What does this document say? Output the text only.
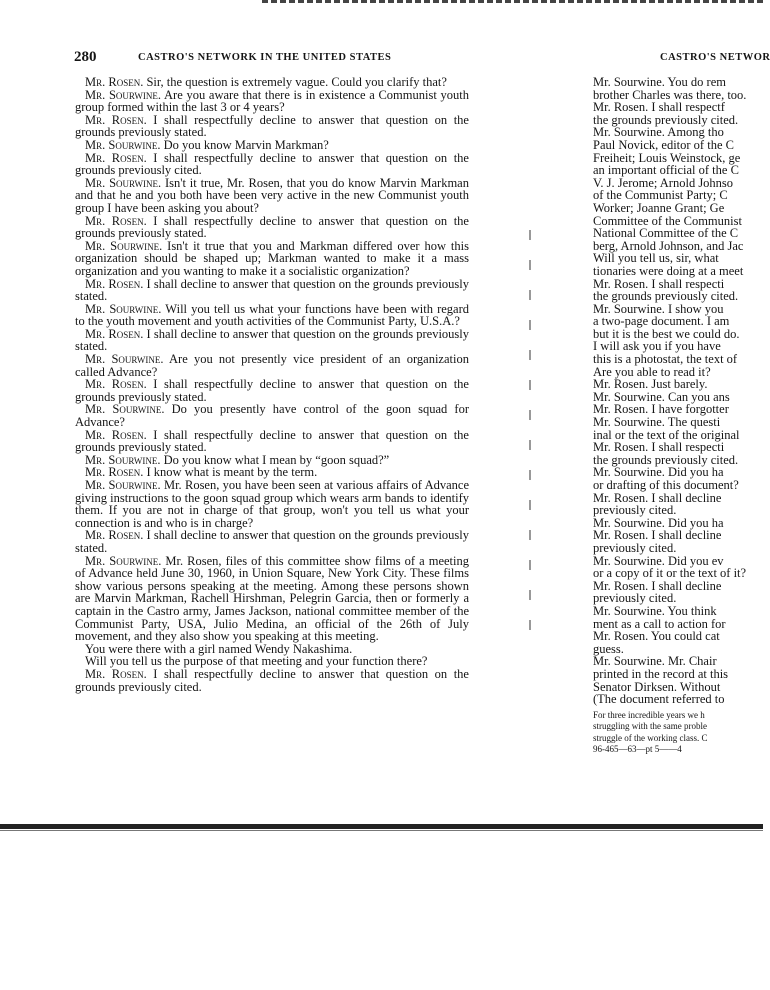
280	CASTRO'S NETWORK IN THE UNITED STATES	CASTRO'S NETWOR

Mr. Rosen. Sir, the question is extremely vague. Could you clarify that?

Mr. Sourwine. Are you aware that there is in existence a Communist youth group formed within the last 3 or 4 years?

Mr. Rosen. I shall respectfully decline to answer that question on the grounds previously stated.

Mr. Sourwine. Do you know Marvin Markman?

Mr. Rosen. I shall respectfully decline to answer that question on the grounds previously cited.

Mr. Sourwine. Isn't it true, Mr. Rosen, that you do know Marvin Markman and that he and you both have been very active in the new Communist youth group I have been asking you about?

Mr. Rosen. I shall respectfully decline to answer that question on the grounds previously stated.

Mr. Sourwine. Isn't it true that you and Markman differed over how this organization should be shaped up; Markman wanted to make it a mass organization and you wanting to make it a socialistic organization?

Mr. Rosen. I shall decline to answer that question on the grounds previously stated.

Mr. Sourwine. Will you tell us what your functions have been with regard to the youth movement and youth activities of the Communist Party, U.S.A.?

Mr. Rosen. I shall decline to answer that question on the grounds previously stated.

Mr. Sourwine. Are you not presently vice president of an organization called Advance?

Mr. Rosen. I shall respectfully decline to answer that question on the grounds previously stated.

Mr. Sourwine. Do you presently have control of the goon squad for Advance?

Mr. Rosen. I shall respectfully decline to answer that question on the grounds previously stated.

Mr. Sourwine. Do you know what I mean by “goon squad?”

Mr. Rosen. I know what is meant by the term.

Mr. Sourwine. Mr. Rosen, you have been seen at various affairs of Advance giving instructions to the goon squad group which wears arm bands to identify them. If you are not in charge of that group, won't you tell us what your connection is and who is in charge?

Mr. Rosen. I shall decline to answer that question on the grounds previously stated.

Mr. Sourwine. Mr. Rosen, files of this committee show films of a meeting of Advance held June 30, 1960, in Union Square, New York City. These films show various persons speaking at the meeting. Among these persons shown are Marvin Markman, Rachell Hirshman, Pelegrin Garcia, then or formerly a captain in the Castro army, James Jackson, national committee member of the Communist Party, USA, Julio Medina, an official of the 26th of July movement, and they also show you speaking at this meeting.

You were there with a girl named Wendy Nakashima.

Will you tell us the purpose of that meeting and your function there?

Mr. Rosen. I shall respectfully decline to answer that question on the grounds previously cited.

Mr. Sourwine. You do rem
brother Charles was there, too.
Mr. Rosen. I shall respectf
the grounds previously cited.
Mr. Sourwine. Among tho
Paul Novick, editor of the C
Freiheit; Louis Weinstock, ge
an important official of the C
V. J. Jerome; Arnold Johnso
of the Communist Party; C
Worker; Joanne Grant; Ge
Committee of the Communist
National Committee of the C
berg, Arnold Johnson, and Jac
Will you tell us, sir, what
tionaries were doing at a meet
Mr. Rosen. I shall respecti
the grounds previously cited.
Mr. Sourwine. I show you
a two-page document. I am
but it is the best we could do.
I will ask you if you have
this is a photostat, the text of
Are you able to read it?
Mr. Rosen. Just barely.
Mr. Sourwine. Can you ans
Mr. Rosen. I have forgotter
Mr. Sourwine. The questi
inal or the text of the original
Mr. Rosen. I shall respecti
the grounds previously cited.
Mr. Sourwine. Did you ha
or drafting of this document?
Mr. Rosen. I shall decline
previously cited.
Mr. Sourwine. Did you ha
Mr. Rosen. I shall decline
previously cited.
Mr. Sourwine. Did you ev
or a copy of it or the text of it?
Mr. Rosen. I shall decline
previously cited.
Mr. Sourwine. You think
ment as a call to action for
Mr. Rosen. You could cat
guess.
Mr. Sourwine. Mr. Chair
printed in the record at this
Senator Dirksen. Without
(The document referred to
For three incredible years we h
struggling with the same proble
struggle of the working class. C
96-465—63—pt 5——4
